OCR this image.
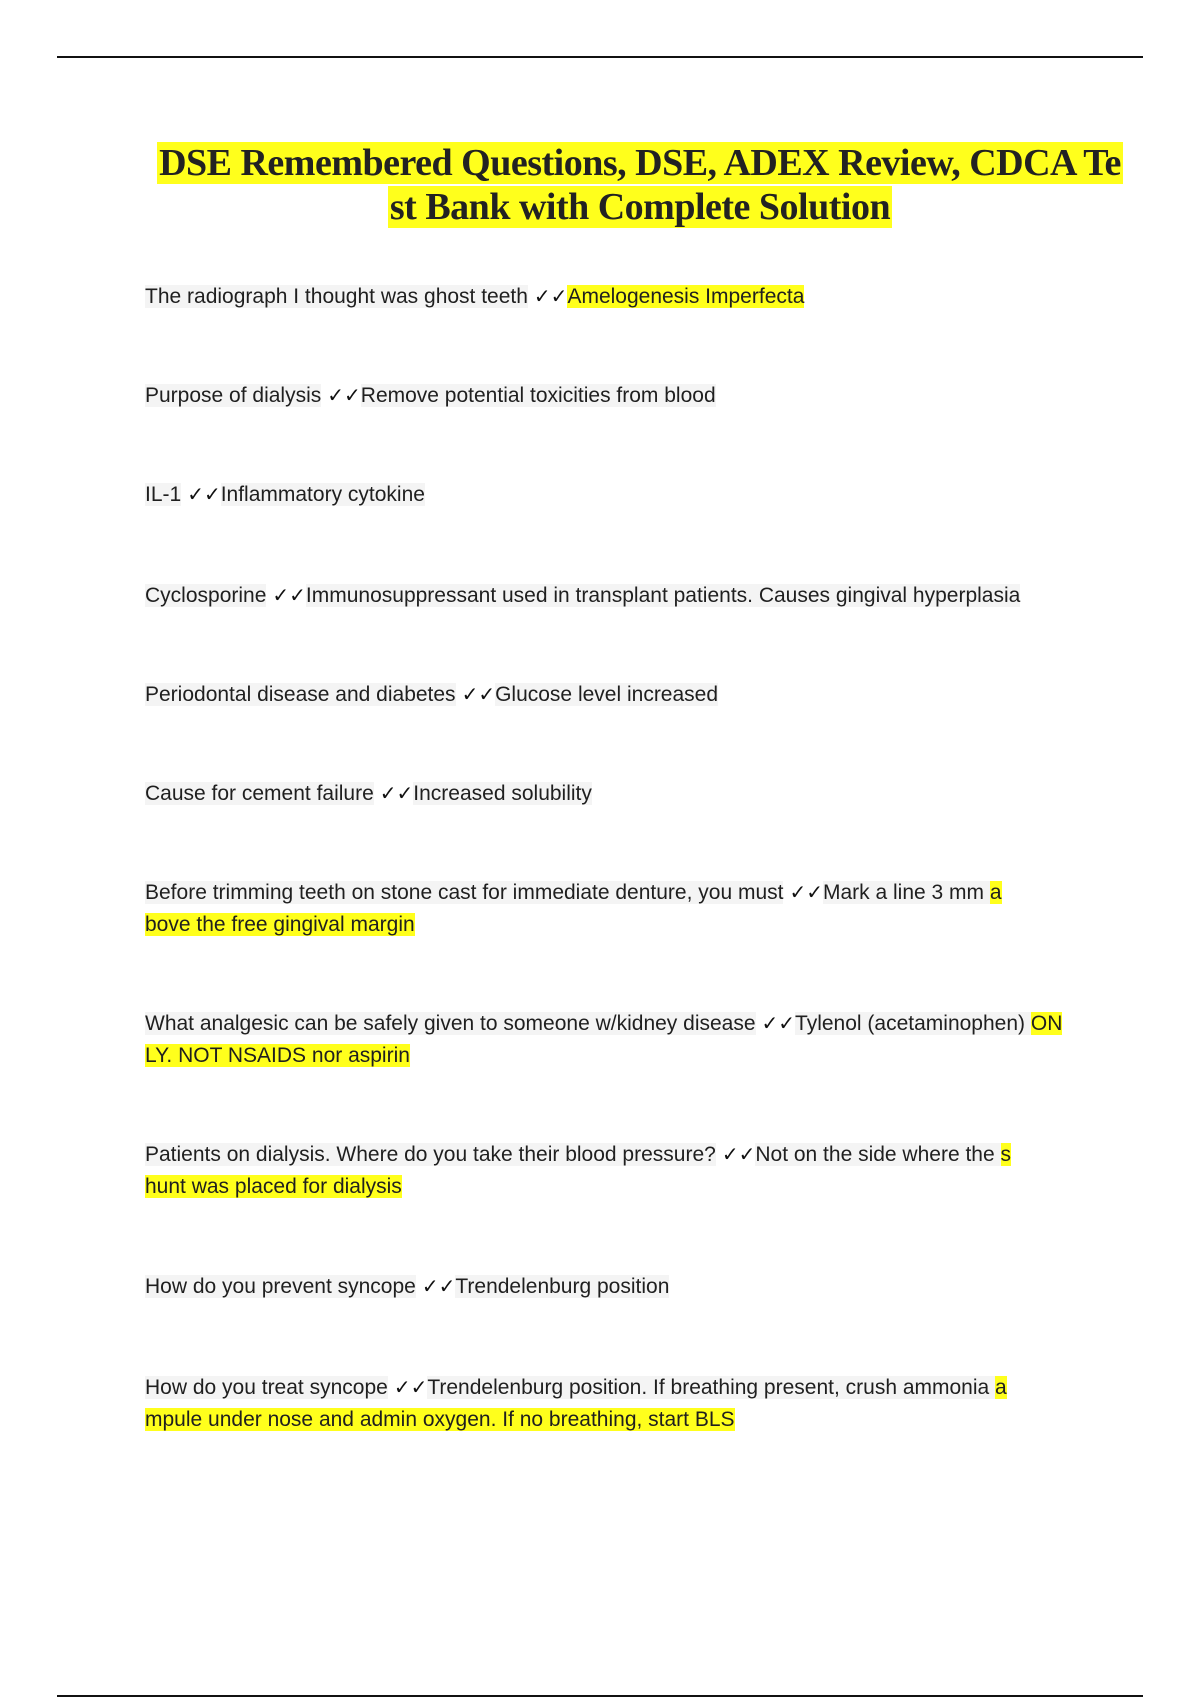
DSE Remembered Questions, DSE, ADEX Review, CDCA Te
st Bank with Complete Solution
The radiograph I thought was ghost teeth ✓✓Amelogenesis Imperfecta
Purpose of dialysis ✓✓Remove potential toxicities from blood
IL-1 ✓✓Inflammatory cytokine
Cyclosporine ✓✓Immunosuppressant used in transplant patients. Causes gingival hyperplasia
Periodontal disease and diabetes ✓✓Glucose level increased
Cause for cement failure ✓✓Increased solubility
Before trimming teeth on stone cast for immediate denture, you must ✓✓Mark a line 3 mm a
bove the free gingival margin
What analgesic can be safely given to someone w/kidney disease ✓✓Tylenol (acetaminophen) ON
LY. NOT NSAIDS nor aspirin
Patients on dialysis. Where do you take their blood pressure? ✓✓Not on the side where the s
hunt was placed for dialysis
How do you prevent syncope ✓✓Trendelenburg position
How do you treat syncope ✓✓Trendelenburg position. If breathing present, crush ammonia a
mpule under nose and admin oxygen. If no breathing, start BLS
